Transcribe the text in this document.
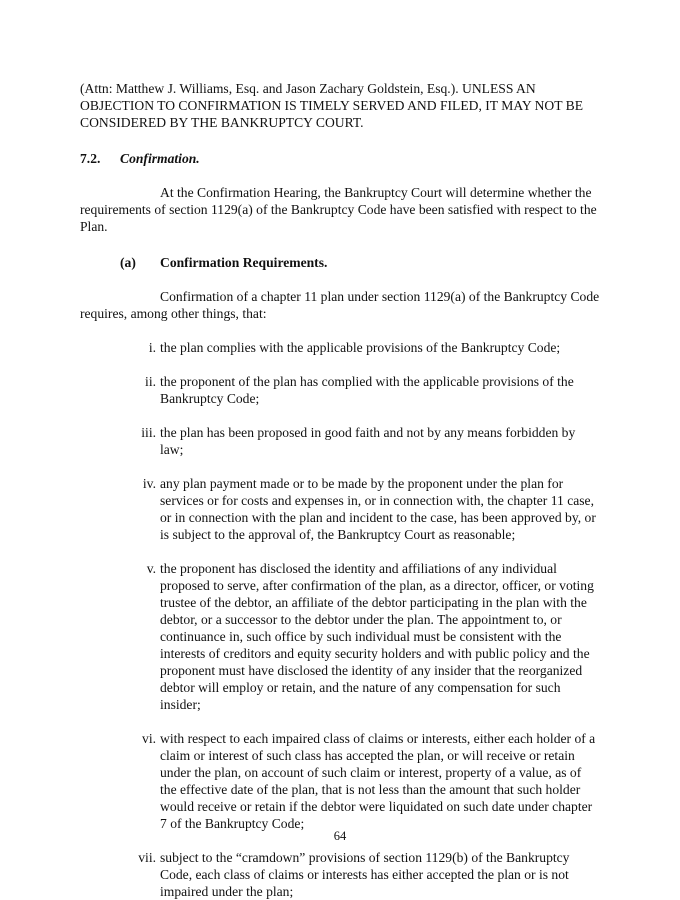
(Attn: Matthew J. Williams, Esq. and Jason Zachary Goldstein, Esq.). UNLESS AN OBJECTION TO CONFIRMATION IS TIMELY SERVED AND FILED, IT MAY NOT BE CONSIDERED BY THE BANKRUPTCY COURT.

7.2. Confirmation.

At the Confirmation Hearing, the Bankruptcy Court will determine whether the requirements of section 1129(a) of the Bankruptcy Code have been satisfied with respect to the Plan.

(a) Confirmation Requirements.

Confirmation of a chapter 11 plan under section 1129(a) of the Bankruptcy Code requires, among other things, that:

i. the plan complies with the applicable provisions of the Bankruptcy Code;
ii. the proponent of the plan has complied with the applicable provisions of the Bankruptcy Code;
iii. the plan has been proposed in good faith and not by any means forbidden by law;
iv. any plan payment made or to be made by the proponent under the plan for services or for costs and expenses in, or in connection with, the chapter 11 case, or in connection with the plan and incident to the case, has been approved by, or is subject to the approval of, the Bankruptcy Court as reasonable;
v. the proponent has disclosed the identity and affiliations of any individual proposed to serve, after confirmation of the plan, as a director, officer, or voting trustee of the debtor, an affiliate of the debtor participating in the plan with the debtor, or a successor to the debtor under the plan. The appointment to, or continuance in, such office by such individual must be consistent with the interests of creditors and equity security holders and with public policy and the proponent must have disclosed the identity of any insider that the reorganized debtor will employ or retain, and the nature of any compensation for such insider;
vi. with respect to each impaired class of claims or interests, either each holder of a claim or interest of such class has accepted the plan, or will receive or retain under the plan, on account of such claim or interest, property of a value, as of the effective date of the plan, that is not less than the amount that such holder would receive or retain if the debtor were liquidated on such date under chapter 7 of the Bankruptcy Code;
vii. subject to the “cramdown” provisions of section 1129(b) of the Bankruptcy Code, each class of claims or interests has either accepted the plan or is not impaired under the plan;
64
